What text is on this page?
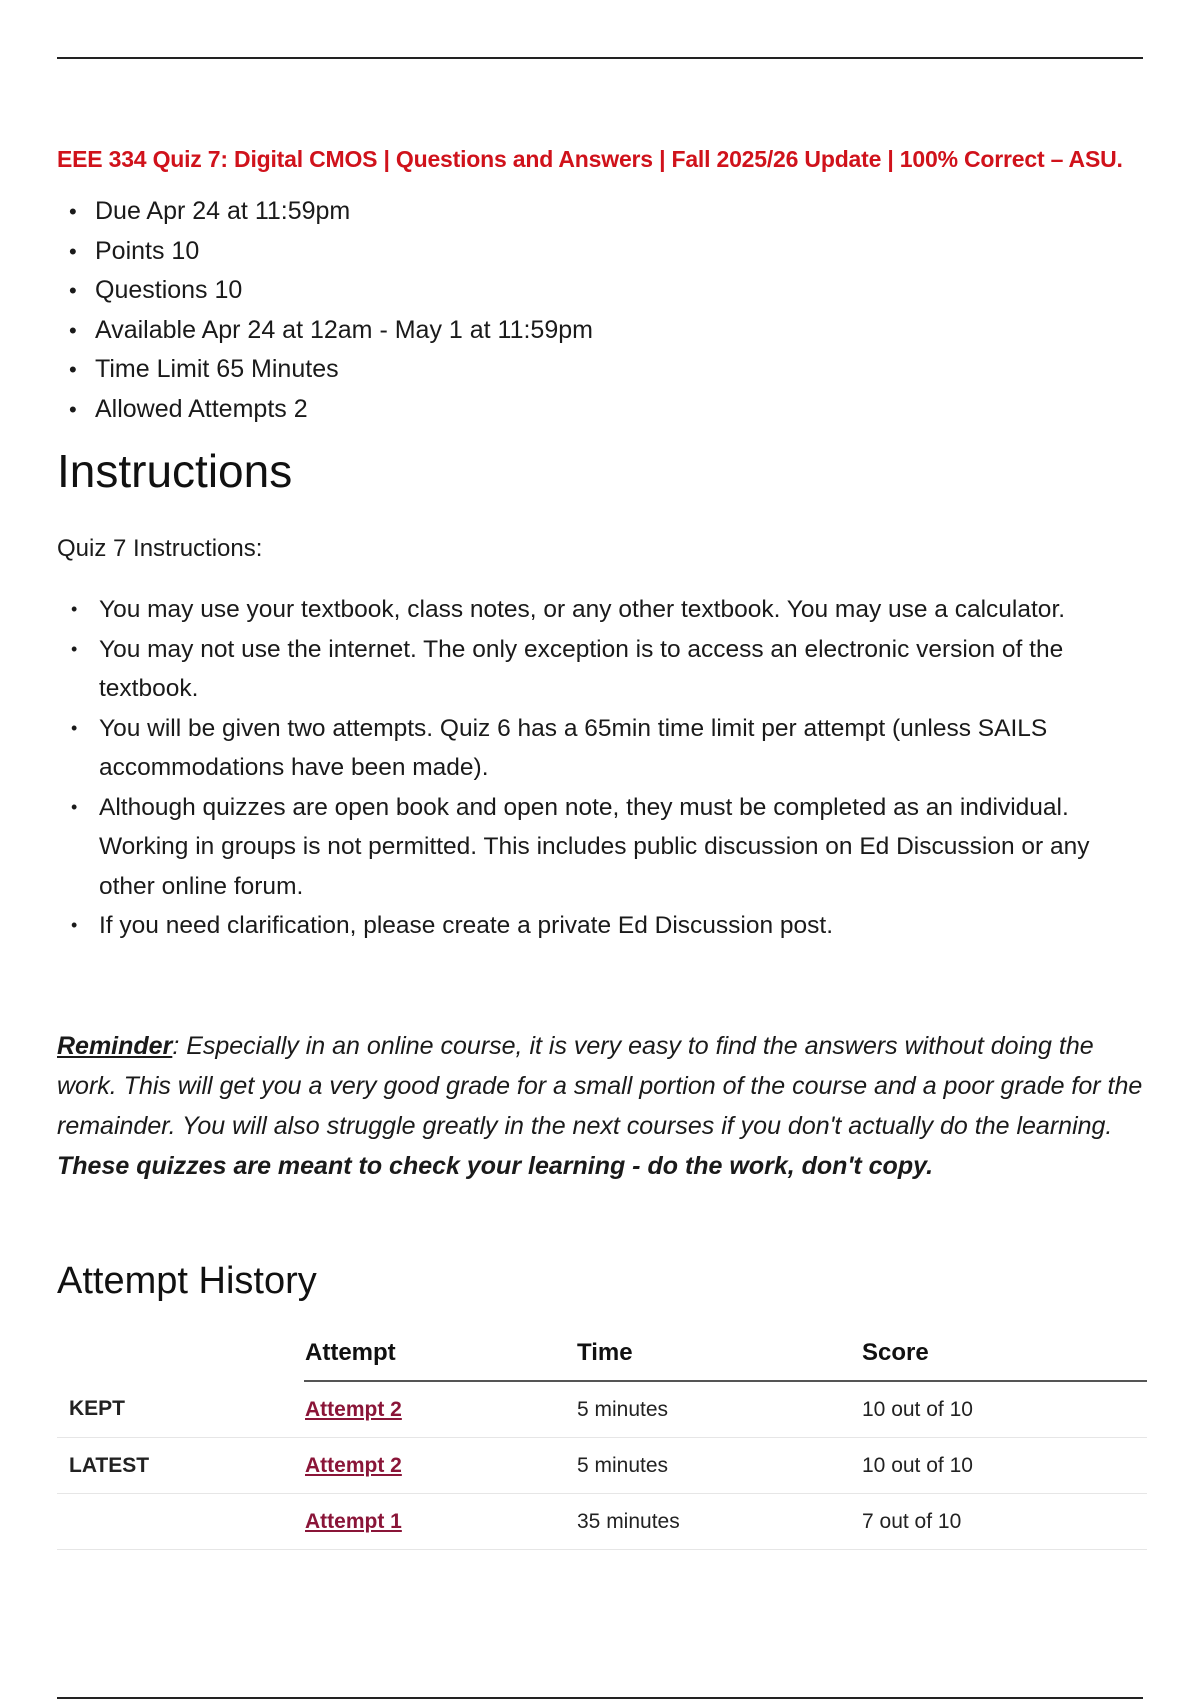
EEE 334 Quiz 7: Digital CMOS | Questions and Answers | Fall 2025/26 Update | 100% Correct – ASU.
• Due Apr 24 at 11:59pm
• Points 10
• Questions 10
• Available Apr 24 at 12am - May 1 at 11:59pm
• Time Limit 65 Minutes
• Allowed Attempts 2
Instructions
Quiz 7 Instructions:
• You may use your textbook, class notes, or any other textbook. You may use a calculator.
• You may not use the internet. The only exception is to access an electronic version of the textbook.
• You will be given two attempts. Quiz 6 has a 65min time limit per attempt (unless SAILS accommodations have been made).
• Although quizzes are open book and open note, they must be completed as an individual. Working in groups is not permitted. This includes public discussion on Ed Discussion or any other online forum.
• If you need clarification, please create a private Ed Discussion post.

Reminder: Especially in an online course, it is very easy to find the answers without doing the work. This will get you a very good grade for a small portion of the course and a poor grade for the remainder. You will also struggle greatly in the next courses if you don't actually do the learning. These quizzes are meant to check your learning - do the work, don't copy.

Attempt History
	Attempt	Time	Score
KEPT	Attempt 2	5 minutes	10 out of 10
LATEST	Attempt 2	5 minutes	10 out of 10
	Attempt 1	35 minutes	7 out of 10
